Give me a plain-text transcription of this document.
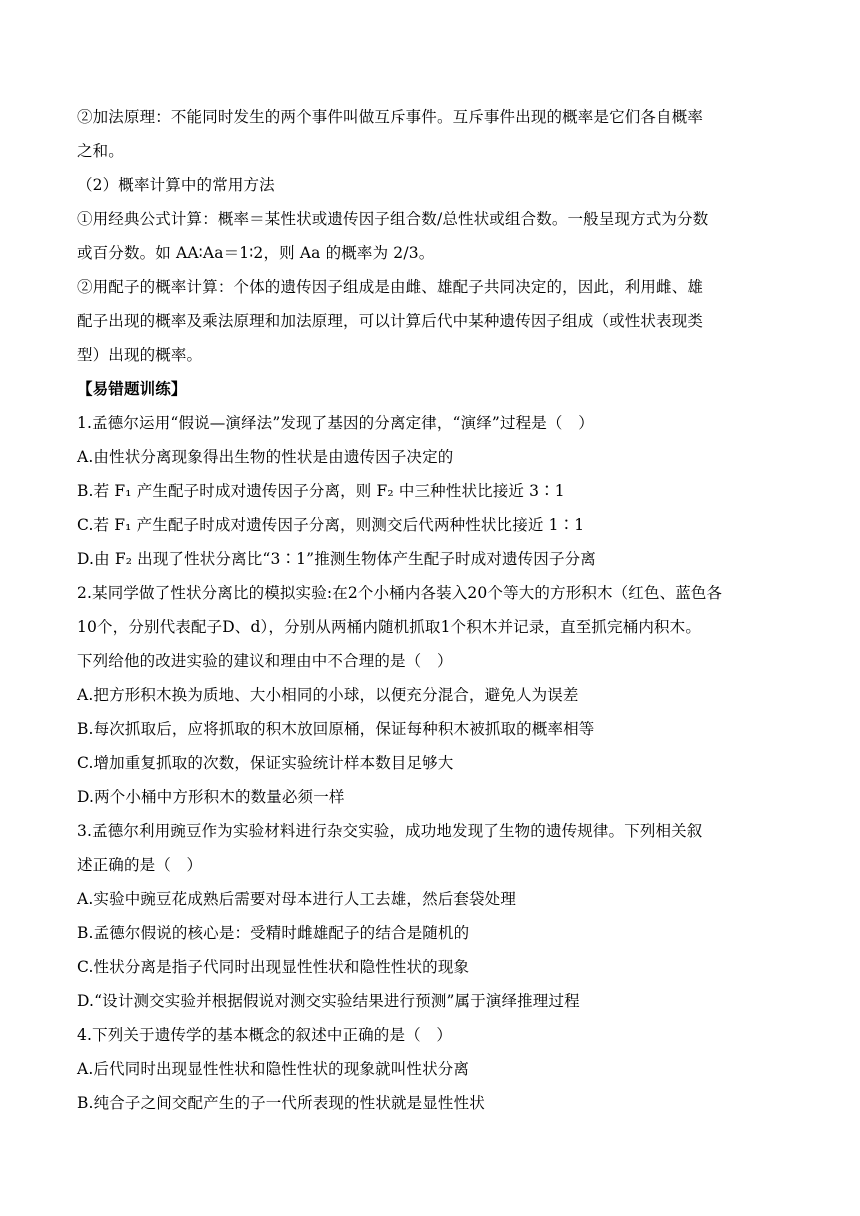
②加法原理：不能同时发生的两个事件叫做互斥事件。互斥事件出现的概率是它们各自概率
之和。
（2）概率计算中的常用方法
①用经典公式计算：概率＝某性状或遗传因子组合数/总性状或组合数。一般呈现方式为分数
或百分数。如 AA∶Aa＝1∶2，则 Aa 的概率为 2/3。
②用配子的概率计算：个体的遗传因子组成是由雌、雄配子共同决定的，因此，利用雌、雄
配子出现的概率及乘法原理和加法原理，可以计算后代中某种遗传因子组成（或性状表现类
型）出现的概率。
【易错题训练】
1.孟德尔运用“假说—演绎法”发现了基因的分离定律，“演绎”过程是（　）
A.由性状分离现象得出生物的性状是由遗传因子决定的
B.若 F₁ 产生配子时成对遗传因子分离，则 F₂ 中三种性状比接近 3∶1
C.若 F₁ 产生配子时成对遗传因子分离，则测交后代两种性状比接近 1∶1
D.由 F₂ 出现了性状分离比“3∶1”推测生物体产生配子时成对遗传因子分离
2.某同学做了性状分离比的模拟实验:在2个小桶内各装入20个等大的方形积木（红色、蓝色各
10个，分别代表配子D、d），分别从两桶内随机抓取1个积木并记录，直至抓完桶内积木。
下列给他的改进实验的建议和理由中不合理的是（　）
A.把方形积木换为质地、大小相同的小球，以便充分混合，避免人为误差
B.每次抓取后，应将抓取的积木放回原桶，保证每种积木被抓取的概率相等
C.增加重复抓取的次数，保证实验统计样本数目足够大
D.两个小桶中方形积木的数量必须一样
3.孟德尔利用豌豆作为实验材料进行杂交实验，成功地发现了生物的遗传规律。下列相关叙
述正确的是（　）
A.实验中豌豆花成熟后需要对母本进行人工去雄，然后套袋处理
B.孟德尔假说的核心是：受精时雌雄配子的结合是随机的
C.性状分离是指子代同时出现显性性状和隐性性状的现象
D.“设计测交实验并根据假说对测交实验结果进行预测”属于演绎推理过程
4.下列关于遗传学的基本概念的叙述中正确的是（　）
A.后代同时出现显性性状和隐性性状的现象就叫性状分离
B.纯合子之间交配产生的子一代所表现的性状就是显性性状
